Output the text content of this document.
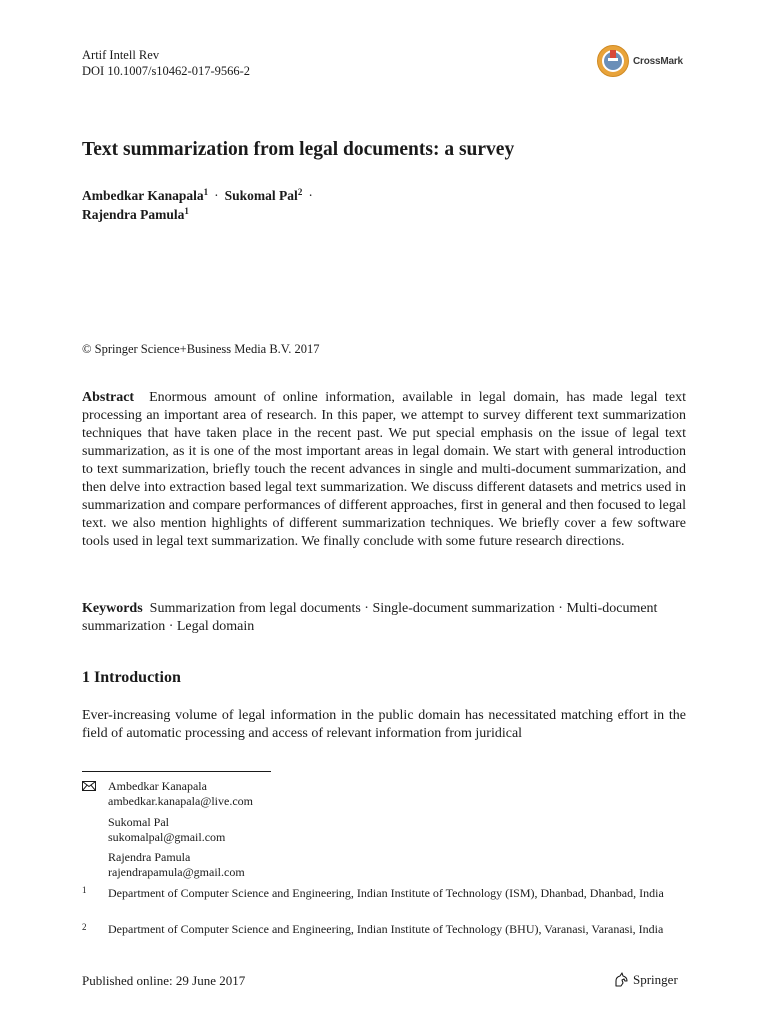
Artif Intell Rev
DOI 10.1007/s10462-017-9566-2
CrossMark
Text summarization from legal documents: a survey
Ambedkar Kanapala$^1$ · Sukomal Pal$^2$ ·
Rajendra Pamula$^1$
© Springer Science+Business Media B.V. 2017
Abstract Enormous amount of online information, available in legal domain, has made legal text processing an important area of research. In this paper, we attempt to survey different text summarization techniques that have taken place in the recent past. We put special emphasis on the issue of legal text summarization, as it is one of the most important areas in legal domain. We start with general introduction to text summarization, briefly touch the recent advances in single and multi-document summarization, and then delve into extraction based legal text summarization. We discuss different datasets and metrics used in summarization and compare performances of different approaches, first in general and then focused to legal text. we also mention highlights of different summarization techniques. We briefly cover a few software tools used in legal text summarization. We finally conclude with some future research directions.
Keywords Summarization from legal documents · Single-document summarization · Multi-document summarization · Legal domain
1 Introduction
Ever-increasing volume of legal information in the public domain has necessitated matching effort in the field of automatic processing and access of relevant information from juridical
Ambedkar Kanapala
ambedkar.kanapala@live.com
Sukomal Pal
sukomalpal@gmail.com
Rajendra Pamula
rajendrapamula@gmail.com
1 Department of Computer Science and Engineering, Indian Institute of Technology (ISM), Dhanbad, Dhanbad, India
2 Department of Computer Science and Engineering, Indian Institute of Technology (BHU), Varanasi, Varanasi, India
Published online: 29 June 2017	Springer
